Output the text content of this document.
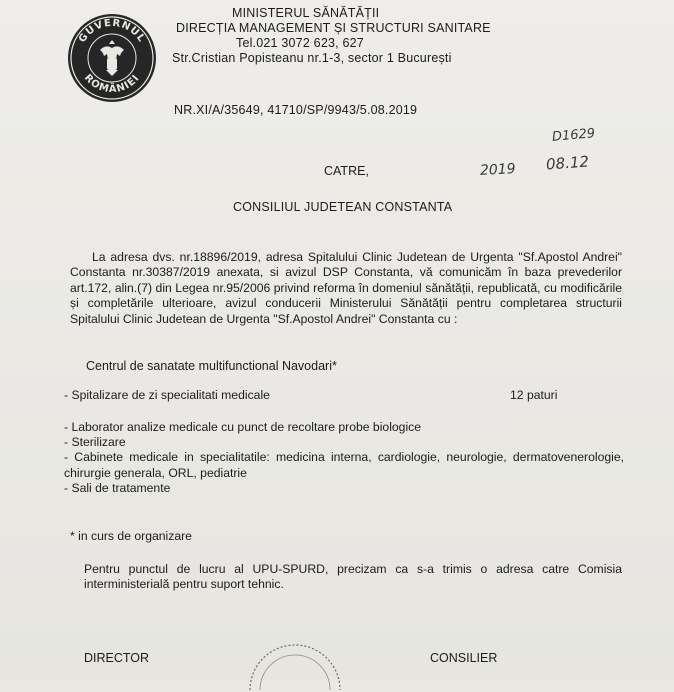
GUVERNUL
ROMÂNIEI
MINISTERUL SĂNĂTĂȚII
DIRECȚIA MANAGEMENT ȘI STRUCTURI SANITARE
Tel.021 3072 623, 627
Str.Cristian Popisteanu nr.1-3, sector 1 București
NR.XI/A/35649, 41710/SP/9943/5.08.2019
D1629
2019 08.12
CATRE,
CONSILIUL JUDETEAN CONSTANTA
La adresa dvs. nr.18896/2019, adresa Spitalului Clinic Judetean de Urgenta "Sf.Apostol Andrei" Constanta nr.30387/2019 anexata, si avizul DSP Constanta, vă comunicăm în baza prevederilor art.172, alin.(7) din Legea nr.95/2006 privind reforma în domeniul sănătății, republicată, cu modificările și completările ulterioare, avizul conducerii Ministerului Sănătății pentru completarea structurii Spitalului Clinic Judetean de Urgenta "Sf.Apostol Andrei" Constanta cu :
Centrul de sanatate multifunctional Navodari*
- Spitalizare de zi specialitati medicale	12 paturi
- Laborator analize medicale cu punct de recoltare probe biologice
- Sterilizare
- Cabinete medicale in specialitatile: medicina interna, cardiologie, neurologie, dermatovenerologie, chirurgie generala, ORL, pediatrie
- Sali de tratamente
* in curs de organizare
Pentru punctul de lucru al UPU-SPURD, precizam ca s-a trimis o adresa catre Comisia interministerială pentru suport tehnic.
DIRECTOR	CONSILIER
